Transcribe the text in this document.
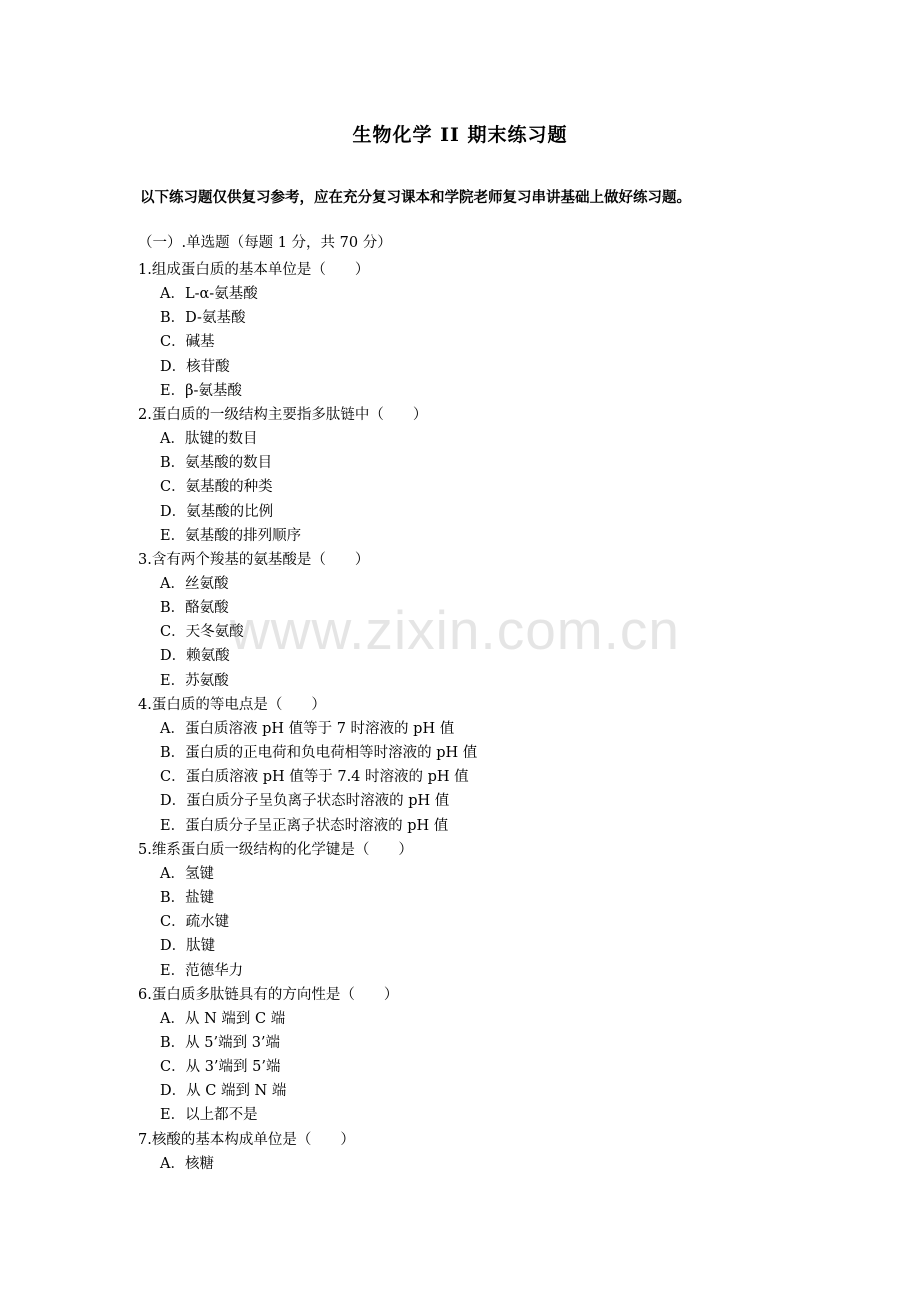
生物化学 II 期末练习题
以下练习题仅供复习参考，应在充分复习课本和学院老师复习串讲基础上做好练习题。
（一）.单选题（每题 1 分，共 70 分）
1.组成蛋白质的基本单位是（　　）
A．L-α-氨基酸
B．D-氨基酸
C．碱基
D．核苷酸
E．β-氨基酸
2.蛋白质的一级结构主要指多肽链中（　　）
A．肽键的数目
B．氨基酸的数目
C．氨基酸的种类
D．氨基酸的比例
E．氨基酸的排列顺序
3.含有两个羧基的氨基酸是（　　）
A．丝氨酸
B．酪氨酸
C．天冬氨酸
D．赖氨酸
E．苏氨酸
4.蛋白质的等电点是（　　）
A．蛋白质溶液 pH 值等于 7 时溶液的 pH 值
B．蛋白质的正电荷和负电荷相等时溶液的 pH 值
C．蛋白质溶液 pH 值等于 7.4 时溶液的 pH 值
D．蛋白质分子呈负离子状态时溶液的 pH 值
E．蛋白质分子呈正离子状态时溶液的 pH 值
5.维系蛋白质一级结构的化学键是（　　）
A．氢键
B．盐键
C．疏水键
D．肽键
E．范德华力
6.蛋白质多肽链具有的方向性是（　　）
A．从 N 端到 C 端
B．从 5’端到 3’端
C．从 3’端到 5’端
D．从 C 端到 N 端
E．以上都不是
7.核酸的基本构成单位是（　　）
A．核糖
www.zixin.com.cn
